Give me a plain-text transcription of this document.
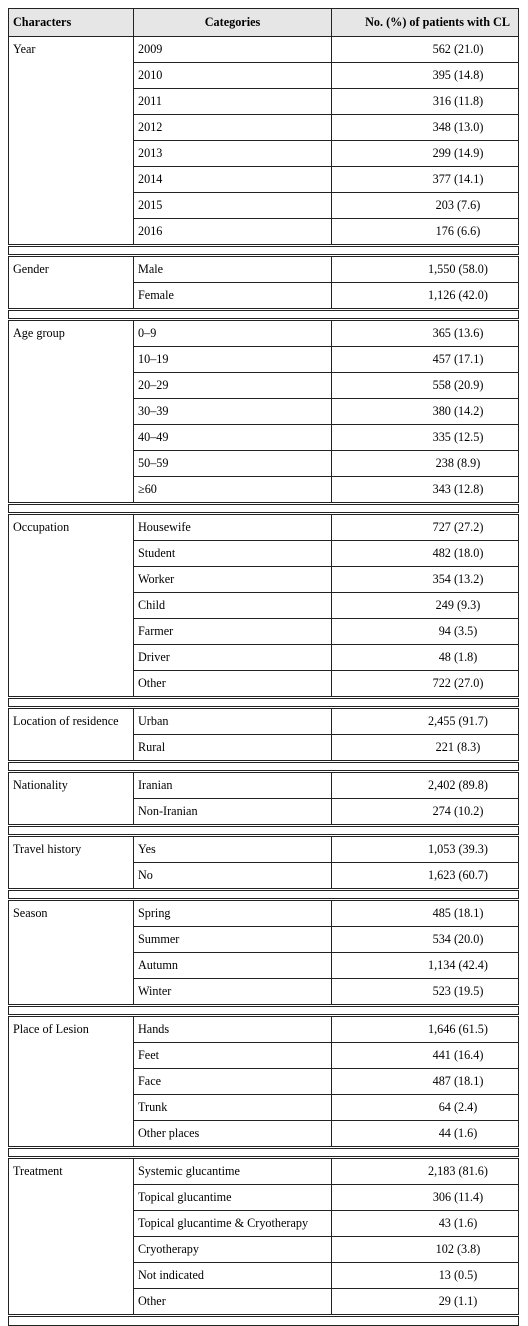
Characters	Categories	No. (%) of patients with CL
Year	2009	562 (21.0)
	2010	395 (14.8)
	2011	316 (11.8)
	2012	348 (13.0)
	2013	299 (14.9)
	2014	377 (14.1)
	2015	203 (7.6)
	2016	176 (6.6)

Gender	Male	1,550 (58.0)
	Female	1,126 (42.0)

Age group	0–9	365 (13.6)
	10–19	457 (17.1)
	20–29	558 (20.9)
	30–39	380 (14.2)
	40–49	335 (12.5)
	50–59	238 (8.9)
	≥60	343 (12.8)

Occupation	Housewife	727 (27.2)
	Student	482 (18.0)
	Worker	354 (13.2)
	Child	249 (9.3)
	Farmer	94 (3.5)
	Driver	48 (1.8)
	Other	722 (27.0)

Location of residence	Urban	2,455 (91.7)
	Rural	221 (8.3)

Nationality	Iranian	2,402 (89.8)
	Non-Iranian	274 (10.2)

Travel history	Yes	1,053 (39.3)
	No	1,623 (60.7)

Season	Spring	485 (18.1)
	Summer	534 (20.0)
	Autumn	1,134 (42.4)
	Winter	523 (19.5)

Place of Lesion	Hands	1,646 (61.5)
	Feet	441 (16.4)
	Face	487 (18.1)
	Trunk	64 (2.4)
	Other places	44 (1.6)

Treatment	Systemic glucantime	2,183 (81.6)
	Topical glucantime	306 (11.4)
	Topical glucantime & Cryotherapy	43 (1.6)
	Cryotherapy	102 (3.8)
	Not indicated	13 (0.5)
	Other	29 (1.1)
